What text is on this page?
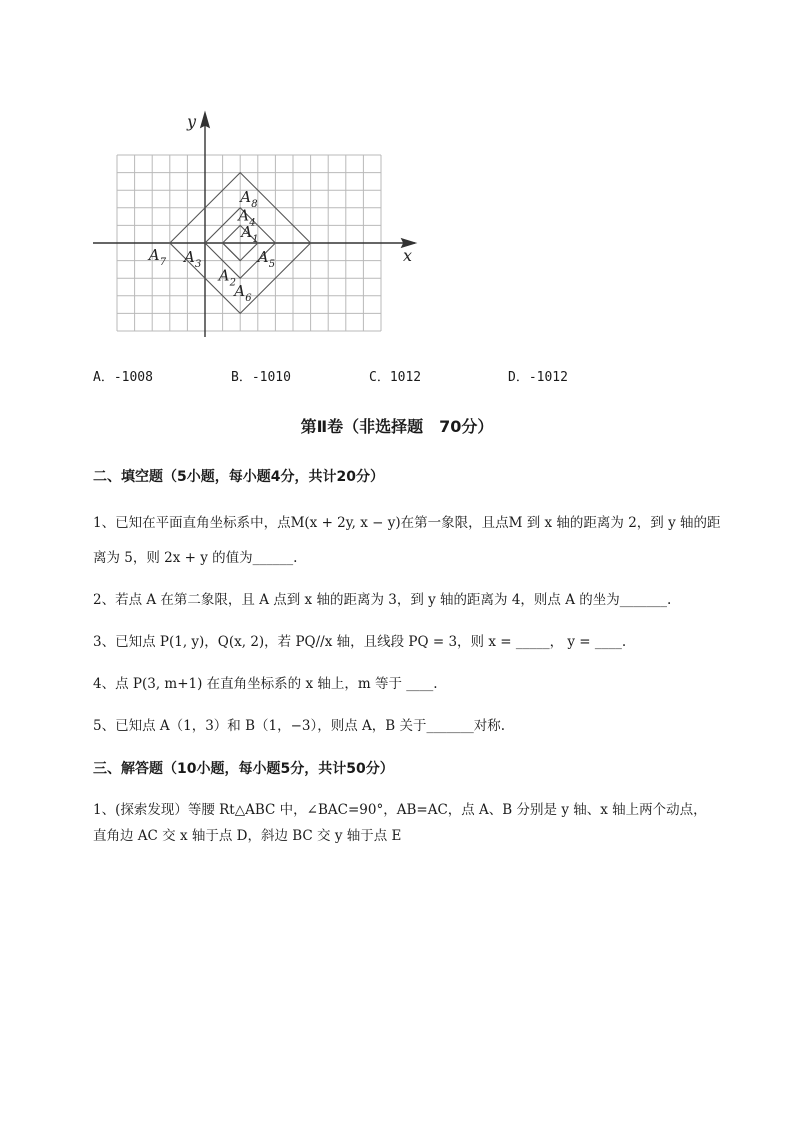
x
y
A 1
A 2
A 3
A 4
A 5
A 6
A 7
A 8
A．-1008	B．-1010	C．1012	D．-1012
第Ⅱ卷（非选择题　70分）
二、填空题（5小题，每小题4分，共计20分）
1、已知在平面直角坐标系中，点M(x + 2y, x − y)在第一象限，且点M 到 x 轴的距离为 2，到 y 轴的距
离为 5，则 2x + y 的值为______.
2、若点 A 在第二象限，且 A 点到 x 轴的距离为 3，到 y 轴的距离为 4，则点 A 的坐为_______.
3、已知点 P(1, y)，Q(x, 2)，若 PQ//x 轴，且线段 PQ = 3，则 x = _____， y = ____.
4、点 P(3, m+1) 在直角坐标系的 x 轴上，m 等于 ____.
5、已知点 A（1，3）和 B（1，−3），则点 A，B 关于_______对称.
三、解答题（10小题，每小题5分，共计50分）
1、(探索发现）等腰 Rt△ABC 中，∠BAC=90°，AB=AC，点 A、B 分别是 y 轴、x 轴上两个动点，
直角边 AC 交 x 轴于点 D，斜边 BC 交 y 轴于点 E
